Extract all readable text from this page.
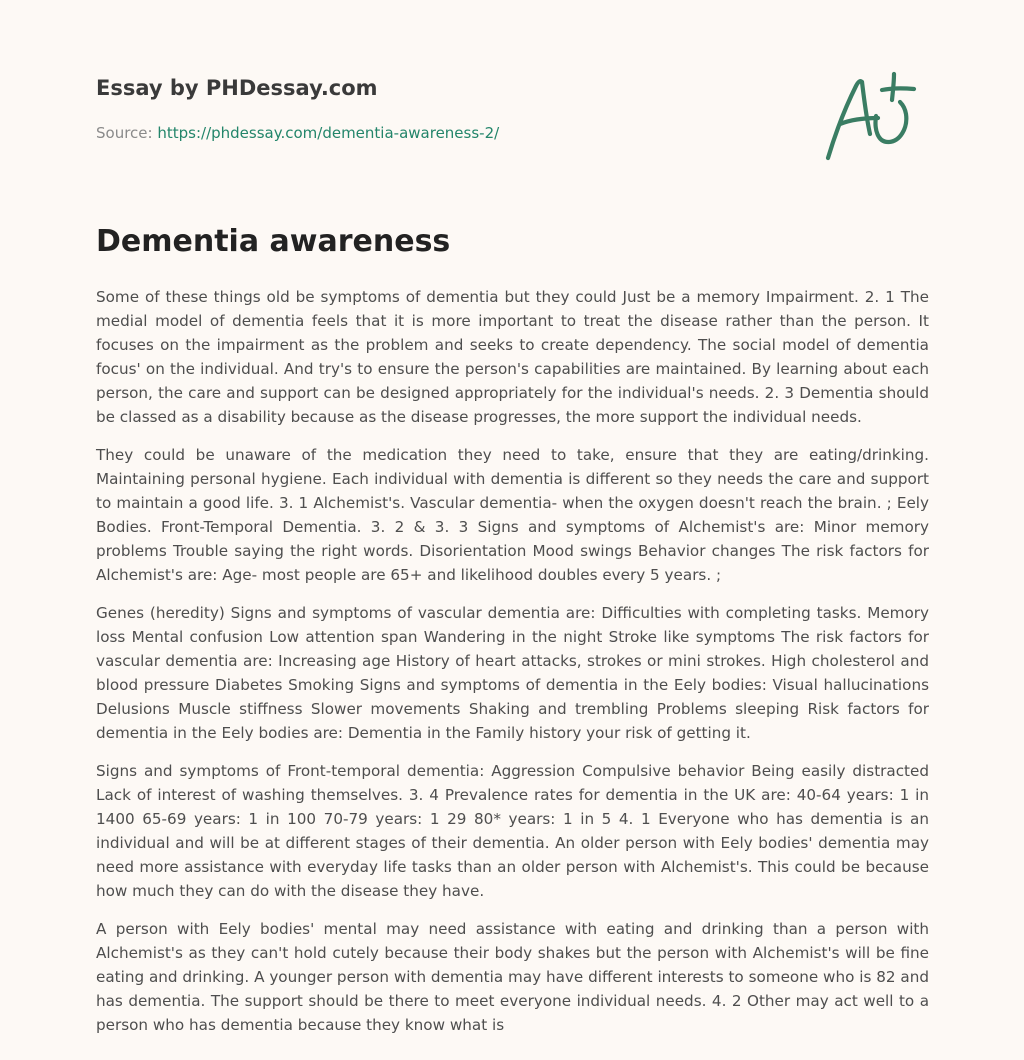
Essay by PHDessay.com
Source: https://phdessay.com/dementia-awareness-2/
Dementia awareness

Some of these things old be symptoms of dementia but they could Just be a memory Impairment. 2. 1 The medial model of dementia feels that it is more important to treat the disease rather than the person. It focuses on the impairment as the problem and seeks to create dependency. The social model of dementia focus' on the individual. And try's to ensure the person's capabilities are maintained. By learning about each person, the care and support can be designed appropriately for the individual's needs. 2. 3 Dementia should be classed as a disability because as the disease progresses, the more support the individual needs.

They could be unaware of the medication they need to take, ensure that they are eating/drinking. Maintaining personal hygiene. Each individual with dementia is different so they needs the care and support to maintain a good life. 3. 1 Alchemist's. Vascular dementia- when the oxygen doesn't reach the brain. ; Eely Bodies. Front-Temporal Dementia. 3. 2 & 3. 3 Signs and symptoms of Alchemist's are: Minor memory problems Trouble saying the right words. Disorientation Mood swings Behavior changes The risk factors for Alchemist's are: Age- most people are 65+ and likelihood doubles every 5 years. ;

Genes (heredity) Signs and symptoms of vascular dementia are: Difficulties with completing tasks. Memory loss Mental confusion Low attention span Wandering in the night Stroke like symptoms The risk factors for vascular dementia are: Increasing age History of heart attacks, strokes or mini strokes. High cholesterol and blood pressure Diabetes Smoking Signs and symptoms of dementia in the Eely bodies: Visual hallucinations Delusions Muscle stiffness Slower movements Shaking and trembling Problems sleeping Risk factors for dementia in the Eely bodies are: Dementia in the Family history your risk of getting it.

Signs and symptoms of Front-temporal dementia: Aggression Compulsive behavior Being easily distracted Lack of interest of washing themselves. 3. 4 Prevalence rates for dementia in the UK are: 40-64 years: 1 in 1400 65-69 years: 1 in 100 70-79 years: 1 29 80* years: 1 in 5 4. 1 Everyone who has dementia is an individual and will be at different stages of their dementia. An older person with Eely bodies' dementia may need more assistance with everyday life tasks than an older person with Alchemist's. This could be because how much they can do with the disease they have.

A person with Eely bodies' mental may need assistance with eating and drinking than a person with Alchemist's as they can't hold cutely because their body shakes but the person with Alchemist's will be fine eating and drinking. A younger person with dementia may have different interests to someone who is 82 and has dementia. The support should be there to meet everyone individual needs. 4. 2 Other may act well to a person who has dementia because they know what is
